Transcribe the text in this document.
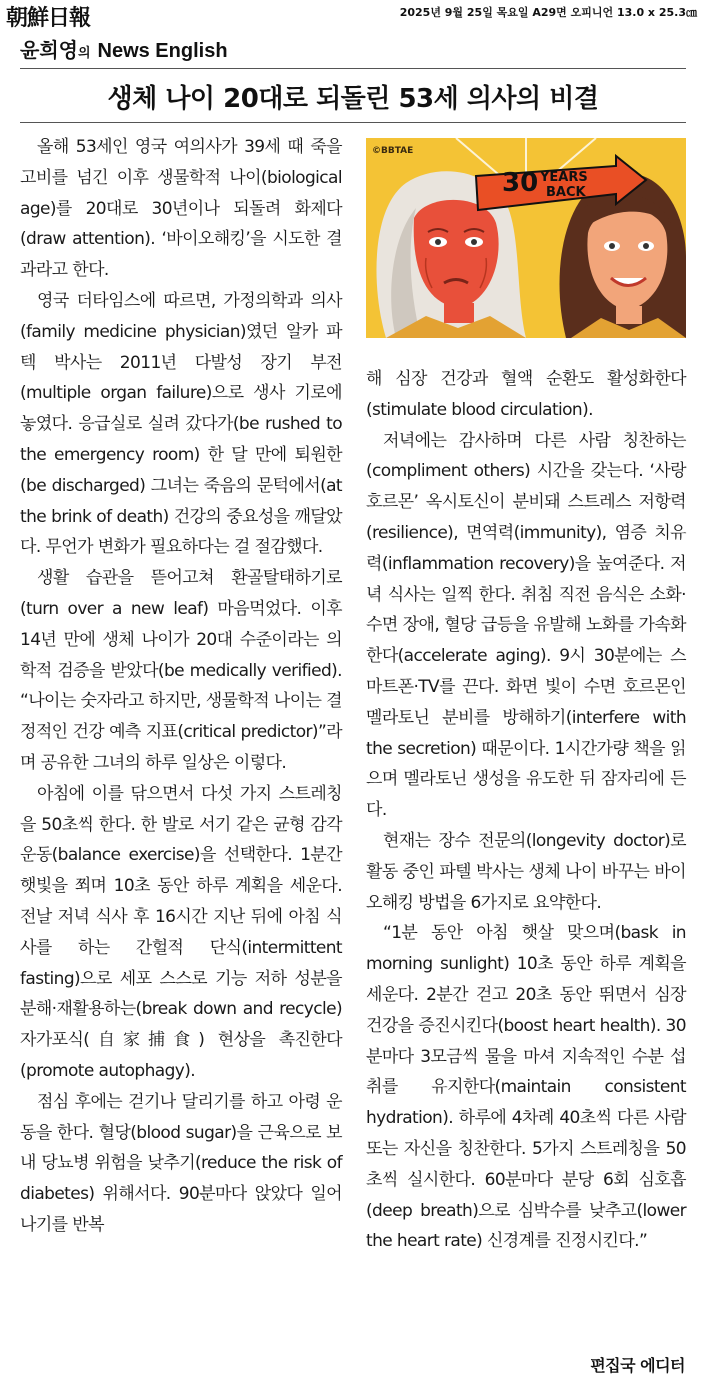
朝鮮日報	2025년 9월 25일 목요일 A29면 오피니언 13.0 x 25.3㎝
윤희영의 News English
생체 나이 20대로 되돌린 53세 의사의 비결

올해 53세인 영국 여의사가 39세 때 죽을 고비를 넘긴 이후 생물학적 나이(biological age)를 20대로 30년이나 되돌려 화제다(draw attention). ‘바이오해킹’을 시도한 결과라고 한다.

영국 더타임스에 따르면, 가정의학과 의사(family medicine physician)였던 알카 파텍 박사는 2011년 다발성 장기 부전(multiple organ failure)으로 생사 기로에 놓였다. 응급실로 실려 갔다가(be rushed to the emergency room) 한 달 만에 퇴원한(be discharged) 그녀는 죽음의 문턱에서(at the brink of death) 건강의 중요성을 깨달았다. 무언가 변화가 필요하다는 걸 절감했다.

생활 습관을 뜯어고쳐 환골탈태하기로(turn over a new leaf) 마음먹었다. 이후 14년 만에 생체 나이가 20대 수준이라는 의학적 검증을 받았다(be medically verified). “나이는 숫자라고 하지만, 생물학적 나이는 결정적인 건강 예측 지표(critical predictor)”라며 공유한 그녀의 하루 일상은 이렇다.

아침에 이를 닦으면서 다섯 가지 스트레칭을 50초씩 한다. 한 발로 서기 같은 균형 감각 운동(balance exercise)을 선택한다. 1분간 햇빛을 쬐며 10초 동안 하루 계획을 세운다. 전날 저녁 식사 후 16시간 지난 뒤에 아침 식사를 하는 간헐적 단식(intermittent fasting)으로 세포 스스로 기능 저하 성분을 분해·재활용하는(break down and recycle) 자가포식(自家捕食) 현상을 촉진한다(promote autophagy).

점심 후에는 걷기나 달리기를 하고 아령 운동을 한다. 혈당(blood sugar)을 근육으로 보내 당뇨병 위험을 낮추기(reduce the risk of diabetes) 위해서다. 90분마다 앉았다 일어나기를 반복

©BBTAE
30 YEARS
BACK

해 심장 건강과 혈액 순환도 활성화한다(stimulate blood circulation).

저녁에는 감사하며 다른 사람 칭찬하는(compliment others) 시간을 갖는다. ‘사랑 호르몬’ 옥시토신이 분비돼 스트레스 저항력(resilience), 면역력(immunity), 염증 치유력(inflammation recovery)을 높여준다. 저녁 식사는 일찍 한다. 취침 직전 음식은 소화·수면 장애, 혈당 급등을 유발해 노화를 가속화한다(accelerate aging). 9시 30분에는 스마트폰·TV를 끈다. 화면 빛이 수면 호르몬인 멜라토닌 분비를 방해하기(interfere with the secretion) 때문이다. 1시간가량 책을 읽으며 멜라토닌 생성을 유도한 뒤 잠자리에 든다.

현재는 장수 전문의(longevity doctor)로 활동 중인 파텔 박사는 생체 나이 바꾸는 바이오해킹 방법을 6가지로 요약한다.

“1분 동안 아침 햇살 맞으며(bask in morning sunlight) 10초 동안 하루 계획을 세운다. 2분간 걷고 20초 동안 뛰면서 심장 건강을 증진시킨다(boost heart health). 30분마다 3모금씩 물을 마셔 지속적인 수분 섭취를 유지한다(maintain consistent hydration). 하루에 4차례 40초씩 다른 사람 또는 자신을 칭찬한다. 5가지 스트레칭을 50초씩 실시한다. 60분마다 분당 6회 심호흡(deep breath)으로 심박수를 낮추고(lower the heart rate) 신경계를 진정시킨다.”

편집국 에디터
